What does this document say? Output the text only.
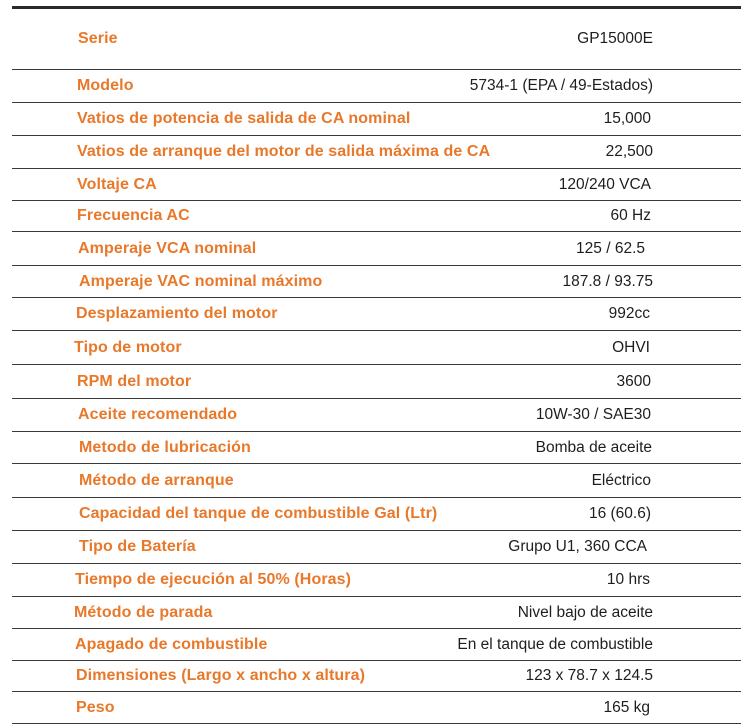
Serie	GP15000E
Modelo	5734-1 (EPA / 49-Estados)
Vatios de potencia de salida de CA nominal	15,000
Vatios de arranque del motor de salida máxima de CA	22,500
Voltaje CA	120/240 VCA
Frecuencia AC	60 Hz
Amperaje VCA nominal	125 / 62.5
Amperaje VAC nominal máximo	187.8 / 93.75
Desplazamiento del motor	992cc
Tipo de motor	OHVI
RPM del motor	3600
Aceite recomendado	10W-30 / SAE30
Metodo de lubricación	Bomba de aceite
Método de arranque	Eléctrico
Capacidad del tanque de combustible Gal (Ltr)	16 (60.6)
Tipo de Batería	Grupo U1, 360 CCA
Tiempo de ejecución al 50% (Horas)	10 hrs
Método de parada	Nivel bajo de aceite
Apagado de combustible	En el tanque de combustible
Dimensiones (Largo x ancho x altura)	123 x 78.7 x 124.5
Peso	165 kg
